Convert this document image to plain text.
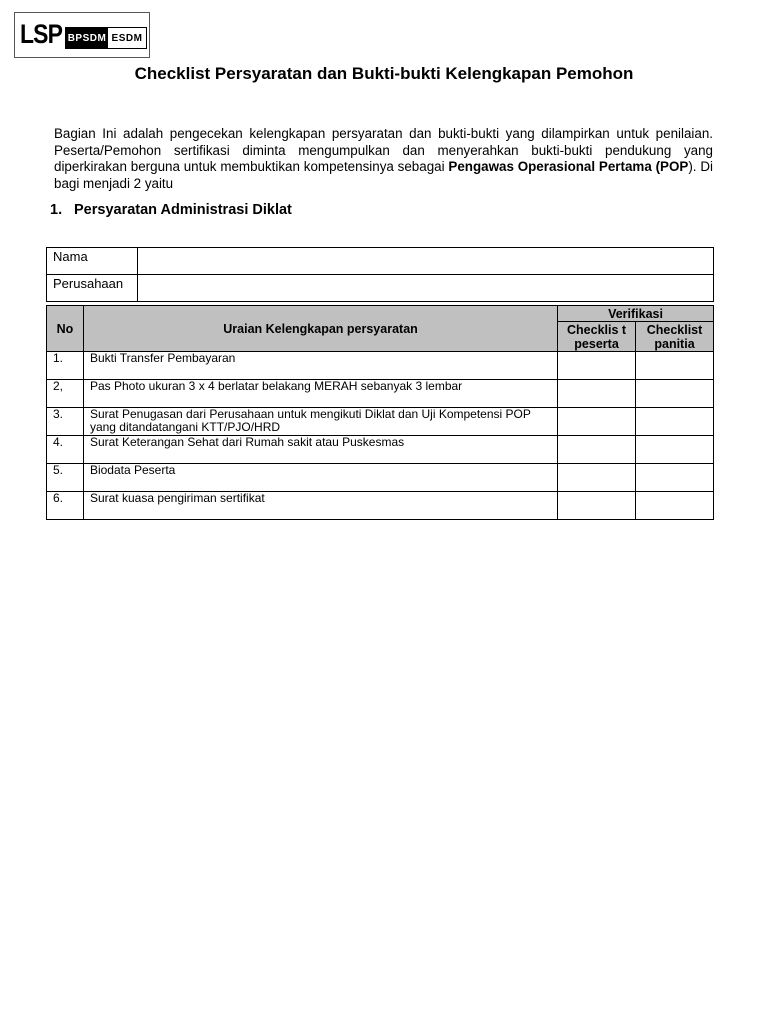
LSP BPSDM ESDM
Checklist Persyaratan dan Bukti-bukti Kelengkapan Pemohon
Bagian Ini adalah pengecekan kelengkapan persyaratan dan bukti-bukti yang dilampirkan untuk penilaian. Peserta/Pemohon sertifikasi diminta mengumpulkan dan menyerahkan bukti-bukti pendukung yang diperkirakan berguna untuk membuktikan kompetensinya sebagai Pengawas Operasional Pertama (POP). Di bagi menjadi 2 yaitu
1. Persyaratan Administrasi Diklat
Nama	
Perusahaan	
No	Uraian Kelengkapan persyaratan	Verifikasi	
		Checklis t peserta	Checklist panitia
1.	Bukti Transfer Pembayaran		
2,	Pas Photo ukuran 3 x 4 berlatar belakang MERAH sebanyak 3 lembar		
3.	Surat Penugasan dari Perusahaan untuk mengikuti Diklat dan Uji Kompetensi POP yang ditandatangani KTT/PJO/HRD		
4.	Surat Keterangan Sehat dari Rumah sakit atau Puskesmas		
5.	Biodata Peserta		
6.	Surat kuasa pengiriman sertifikat		
